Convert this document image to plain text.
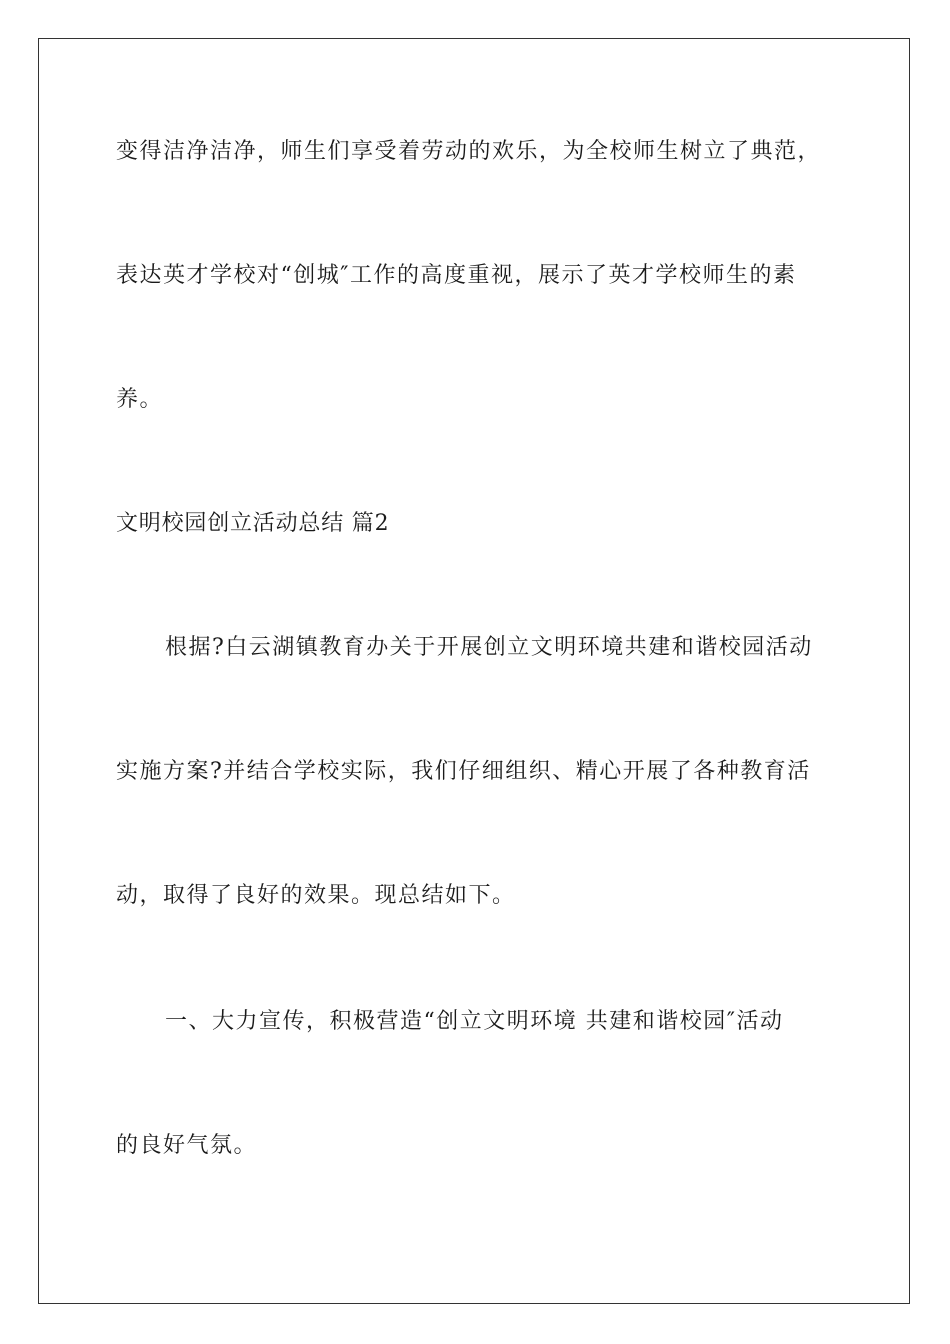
变得洁净洁净，师生们享受着劳动的欢乐，为全校师生树立了典范，
表达英才学校对“创城″工作的高度重视，展示了英才学校师生的素
养。
文明校园创立活动总结 篇2
根据?白云湖镇教育办关于开展创立文明环境共建和谐校园活动
实施方案?并结合学校实际，我们仔细组织、精心开展了各种教育活
动，取得了良好的效果。现总结如下。
一、大力宣传，积极营造“创立文明环境 共建和谐校园″活动
的良好气氛。
